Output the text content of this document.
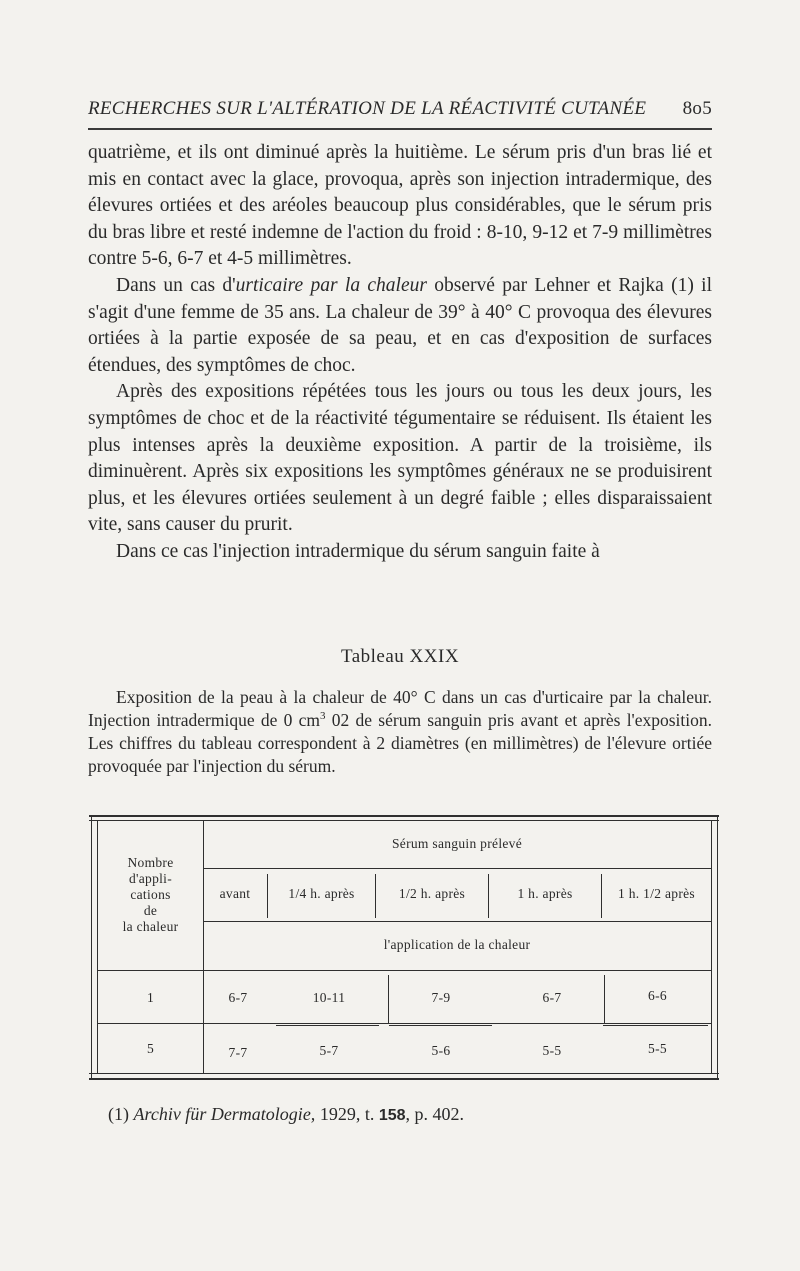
RECHERCHES SUR L'ALTÉRATION DE LA RÉACTIVITÉ CUTANÉE 8o5

quatrième, et ils ont diminué après la huitième. Le sérum pris d'un bras lié et mis en contact avec la glace, provoqua, après son injection intradermique, des élevures ortiées et des aréoles beaucoup plus considérables, que le sérum pris du bras libre et resté indemne de l'action du froid : 8-10, 9-12 et 7-9 millimètres contre 5-6, 6-7 et 4-5 millimètres.

Dans un cas d'urticaire par la chaleur observé par Lehner et Rajka (1) il s'agit d'une femme de 35 ans. La chaleur de 39° à 40° C provoqua des élevures ortiées à la partie exposée de sa peau, et en cas d'exposition de surfaces étendues, des symptômes de choc.

Après des expositions répétées tous les jours ou tous les deux jours, les symptômes de choc et de la réactivité tégumentaire se réduisent. Ils étaient les plus intenses après la deuxième exposition. A partir de la troisième, ils diminuèrent. Après six expositions les symptômes généraux ne se produisirent plus, et les élevures ortiées seulement à un degré faible ; elles disparaissaient vite, sans causer du prurit.

Dans ce cas l'injection intradermique du sérum sanguin faite à

Tableau XXIX

Exposition de la peau à la chaleur de 40° C dans un cas d'urticaire par la chaleur. Injection intradermique de 0 $cm^3$ 02 de sérum sanguin pris avant et après l'exposition. Les chiffres du tableau correspondent à 2 diamètres (en millimètres) de l'élevure ortiée provoquée par l'injection du sérum.

Nombre
d'appli-
cations
de
la chaleur
Sérum sanguin prélevé
avant	1/4 h. après	1/2 h. après	1 h. après	1 h. 1/2 après
l'application de la chaleur
1	6-7	10-11	7-9	6-7	6-6
5	7-7	5-7	5-6	5-5	5-5
(1) Archiv für Dermatologie, 1929, t. 158, p. 402.
